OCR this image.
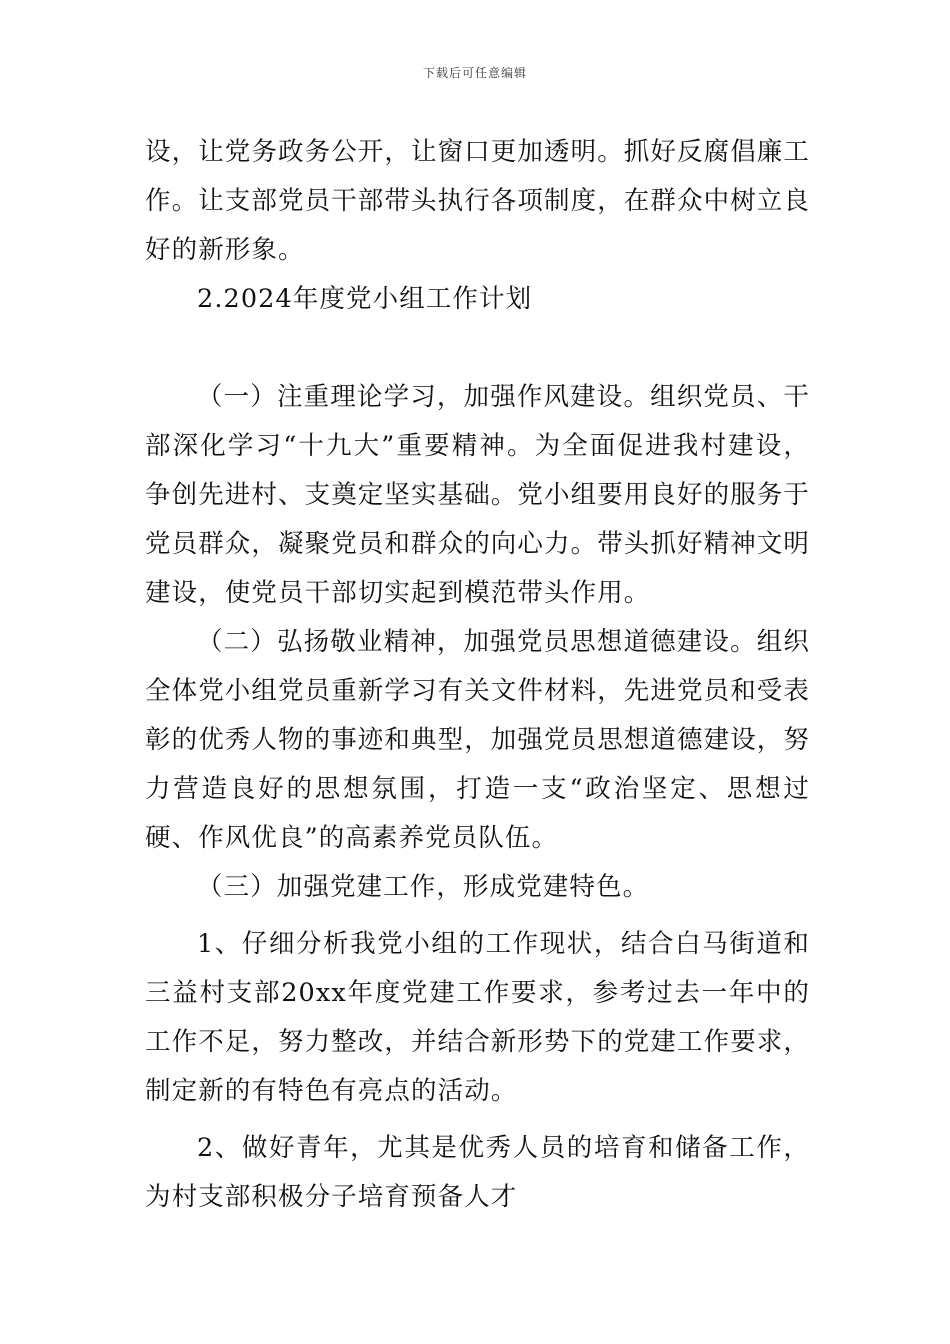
下载后可任意编辑

设，让党务政务公开，让窗口更加透明。抓好反腐倡廉工作。让支部党员干部带头执行各项制度，在群众中树立良好的新形象。

2.2024年度党小组工作计划

（一）注重理论学习，加强作风建设。组织党员、干部深化学习“十九大”重要精神。为全面促进我村建设，争创先进村、支奠定坚实基础。党小组要用良好的服务于党员群众，凝聚党员和群众的向心力。带头抓好精神文明建设，使党员干部切实起到模范带头作用。

（二）弘扬敬业精神，加强党员思想道德建设。组织全体党小组党员重新学习有关文件材料，先进党员和受表彰的优秀人物的事迹和典型，加强党员思想道德建设，努力营造良好的思想氛围，打造一支“政治坚定、思想过硬、作风优良”的高素养党员队伍。

（三）加强党建工作，形成党建特色。

1、仔细分析我党小组的工作现状，结合白马街道和三益村支部20xx年度党建工作要求，参考过去一年中的工作不足，努力整改，并结合新形势下的党建工作要求，制定新的有特色有亮点的活动。

2、做好青年，尤其是优秀人员的培育和储备工作，为村支部积极分子培育预备人才
